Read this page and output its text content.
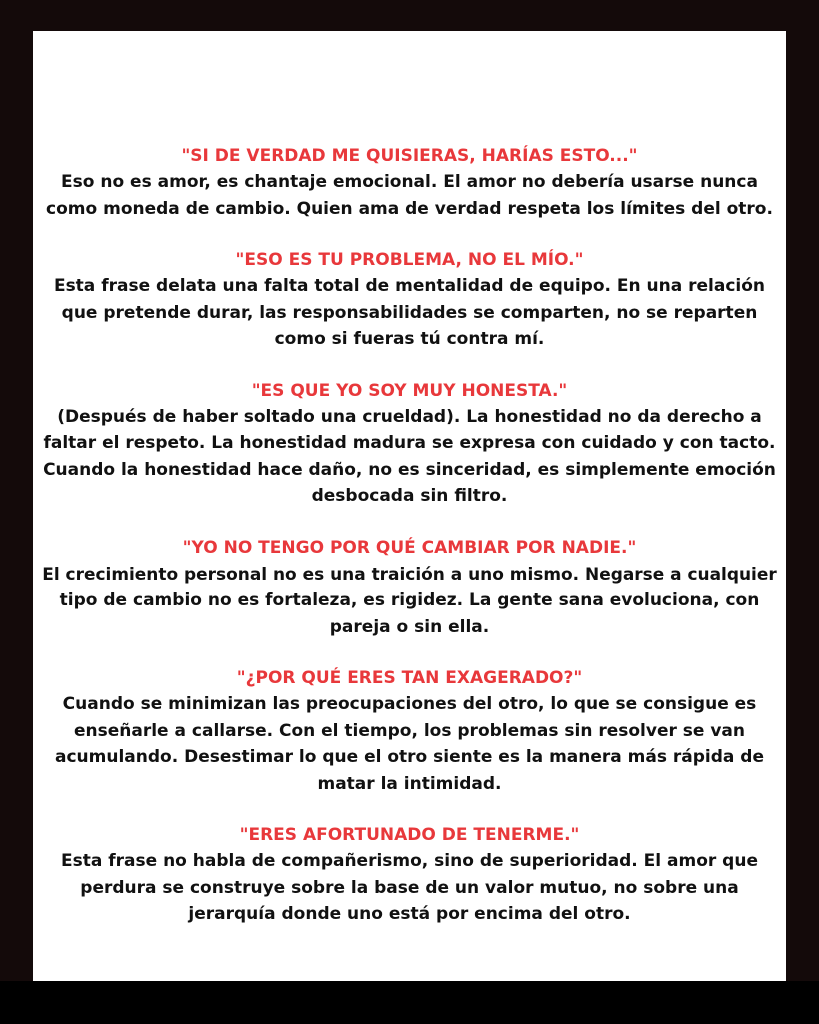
"SI DE VERDAD ME QUISIERAS, HARÍAS ESTO..."

Eso no es amor, es chantaje emocional. El amor no debería usarse nunca
como moneda de cambio. Quien ama de verdad respeta los límites del otro.

"ESO ES TU PROBLEMA, NO EL MÍO."

Esta frase delata una falta total de mentalidad de equipo. En una relación
que pretende durar, las responsabilidades se comparten, no se reparten
como si fueras tú contra mí.

"ES QUE YO SOY MUY HONESTA."

(Después de haber soltado una crueldad). La honestidad no da derecho a
faltar el respeto. La honestidad madura se expresa con cuidado y con tacto.
Cuando la honestidad hace daño, no es sinceridad, es simplemente emoción
desbocada sin filtro.

"YO NO TENGO POR QUÉ CAMBIAR POR NADIE."

El crecimiento personal no es una traición a uno mismo. Negarse a cualquier
tipo de cambio no es fortaleza, es rigidez. La gente sana evoluciona, con
pareja o sin ella.

"¿POR QUÉ ERES TAN EXAGERADO?"

Cuando se minimizan las preocupaciones del otro, lo que se consigue es
enseñarle a callarse. Con el tiempo, los problemas sin resolver se van
acumulando. Desestimar lo que el otro siente es la manera más rápida de
matar la intimidad.

"ERES AFORTUNADO DE TENERME."

Esta frase no habla de compañerismo, sino de superioridad. El amor que
perdura se construye sobre la base de un valor mutuo, no sobre una
jerarquía donde uno está por encima del otro.
